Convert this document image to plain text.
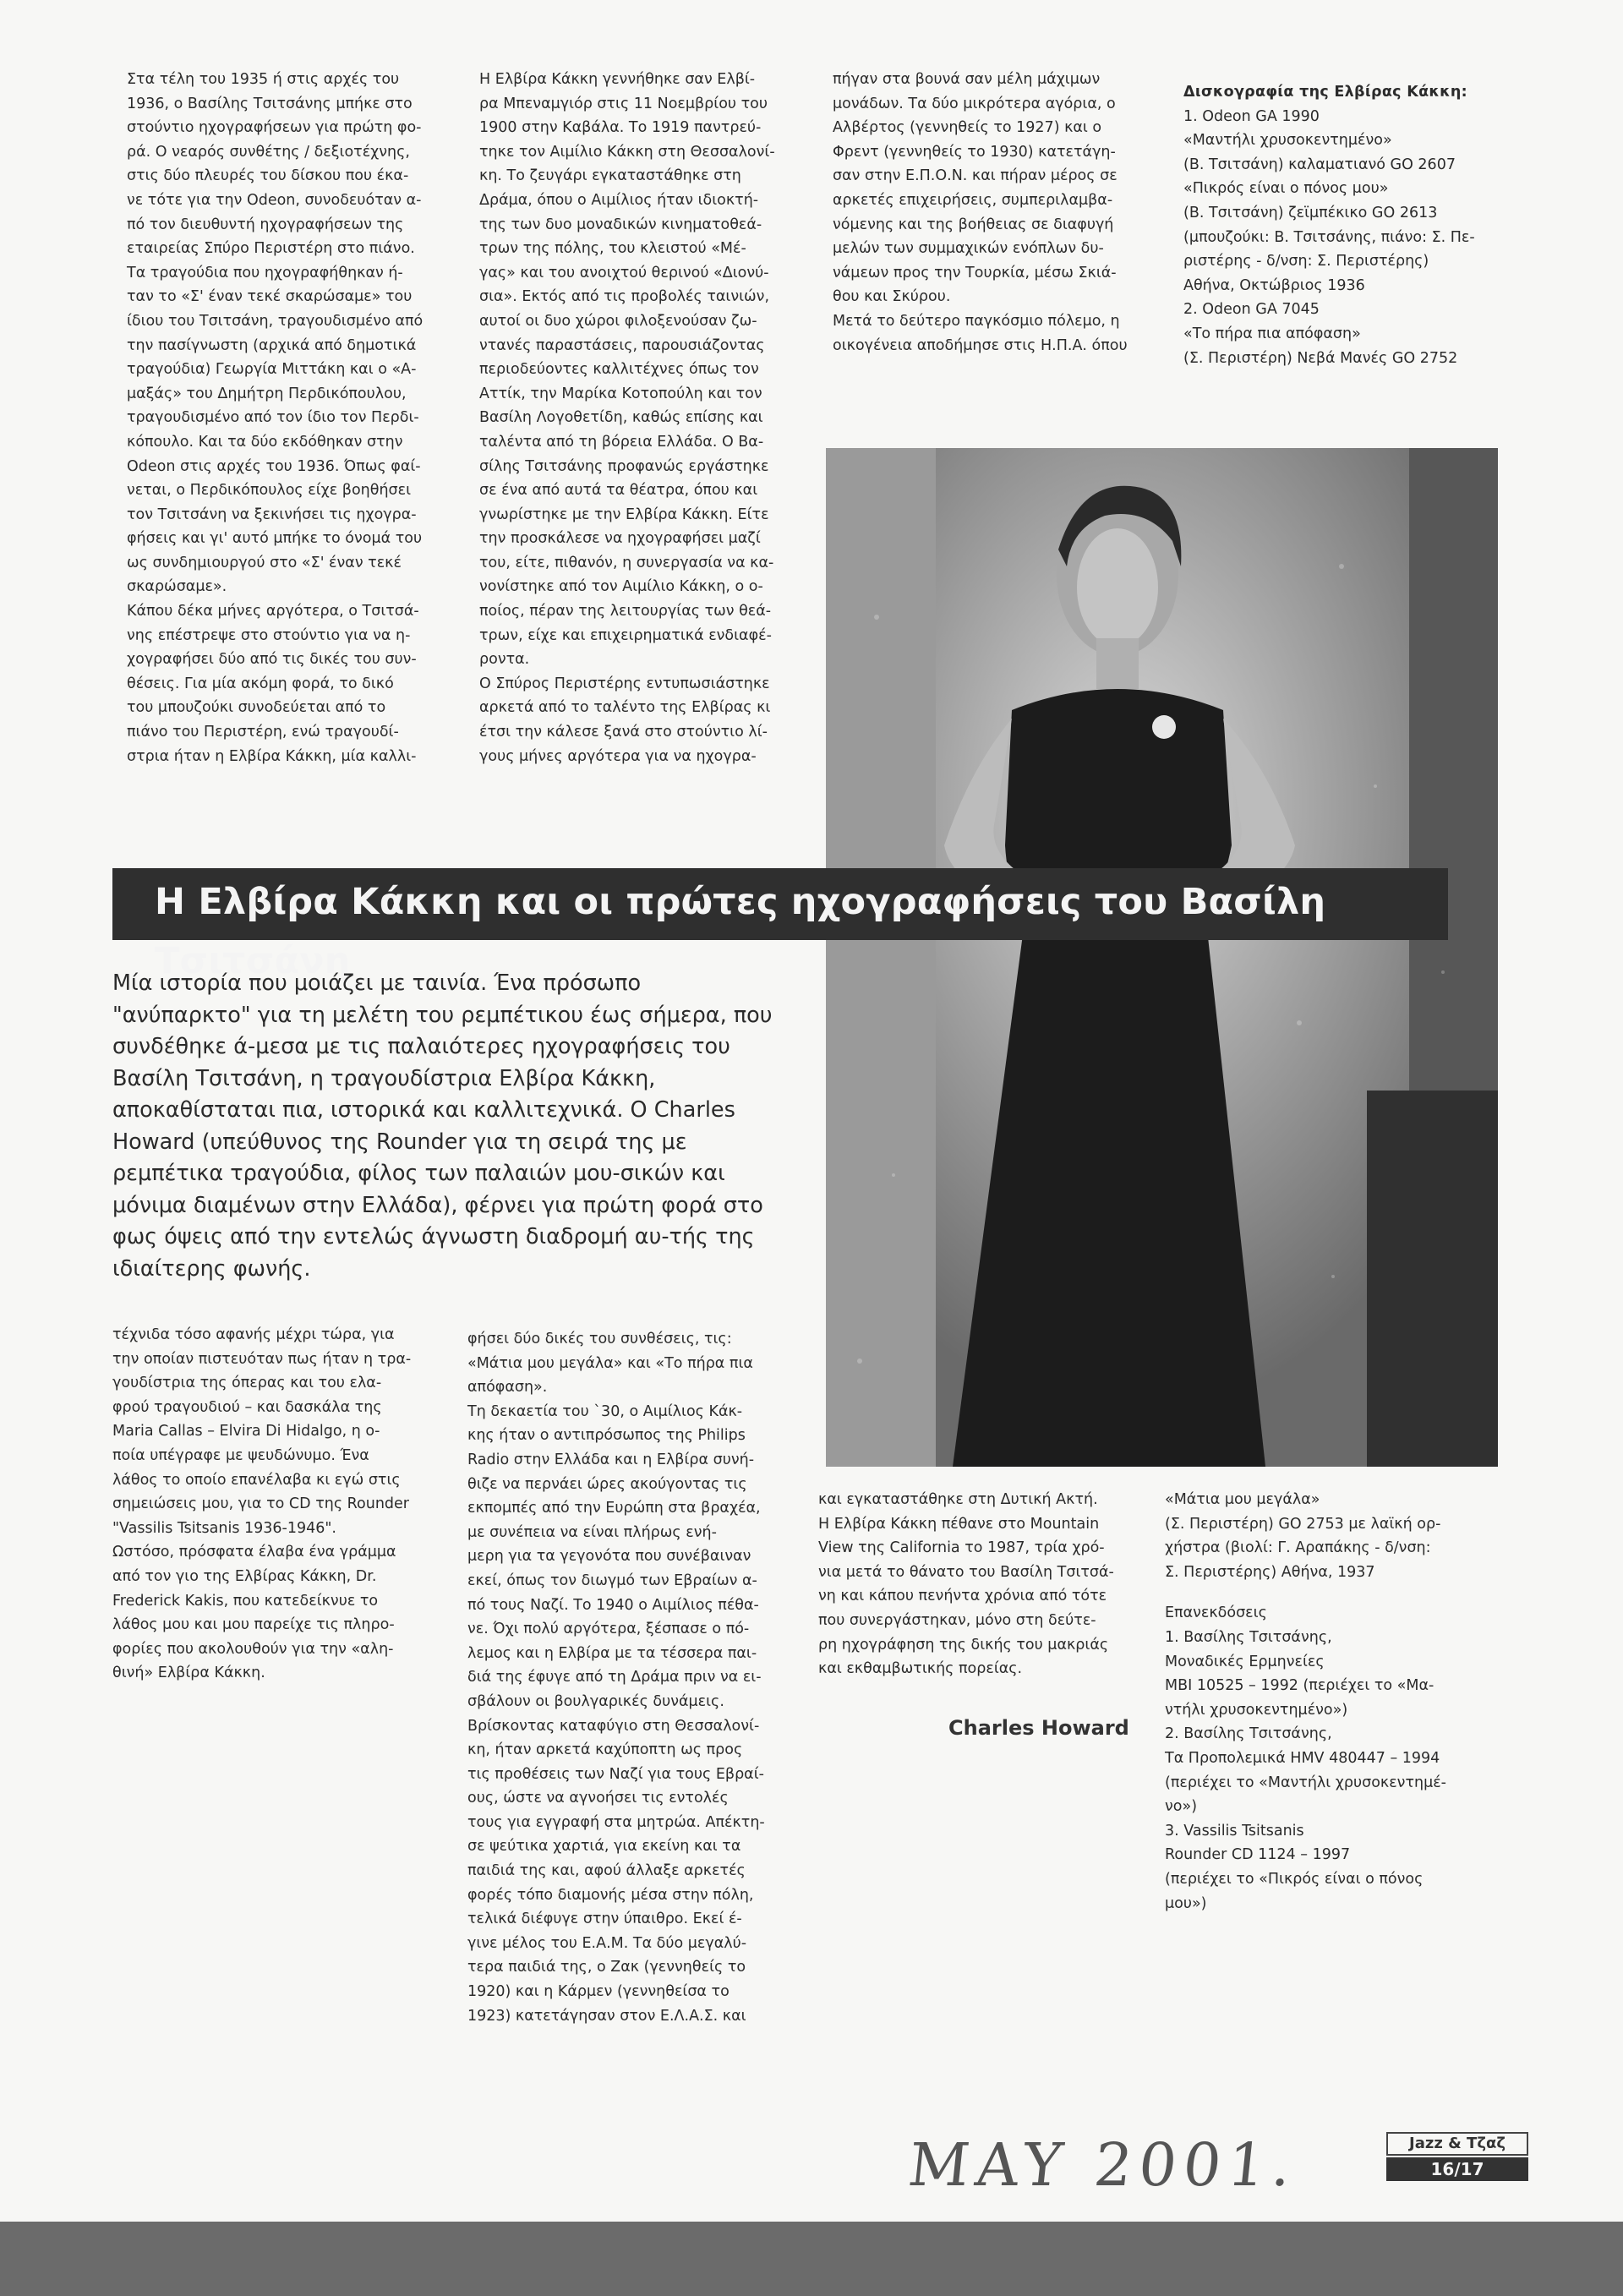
Στα τέλη του 1935 ή στις αρχές του
1936, ο Βασίλης Τσιτσάνης μπήκε στο
στούντιο ηχογραφήσεων για πρώτη φο-
ρά. Ο νεαρός συνθέτης / δεξιοτέχνης,
στις δύο πλευρές του δίσκου που έκα-
νε τότε για την Odeon, συνοδευόταν α-
πό τον διευθυντή ηχογραφήσεων της
εταιρείας Σπύρο Περιστέρη στο πιάνο.
Τα τραγούδια που ηχογραφήθηκαν ή-
ταν το «Σ' έναν τεκέ σκαρώσαμε» του
ίδιου του Τσιτσάνη, τραγουδισμένο από
την πασίγνωστη (αρχικά από δημοτικά
τραγούδια) Γεωργία Μιττάκη και ο «Α-
μαξάς» του Δημήτρη Περδικόπουλου,
τραγουδισμένο από τον ίδιο τον Περδι-
κόπουλο. Και τα δύο εκδόθηκαν στην
Odeon στις αρχές του 1936. Όπως φαί-
νεται, ο Περδικόπουλος είχε βοηθήσει
τον Τσιτσάνη να ξεκινήσει τις ηχογρα-
φήσεις και γι' αυτό μπήκε το όνομά του
ως συνδημιουργού στο «Σ' έναν τεκέ
σκαρώσαμε».
Κάπου δέκα μήνες αργότερα, ο Τσιτσά-
νης επέστρεψε στο στούντιο για να η-
χογραφήσει δύο από τις δικές του συν-
θέσεις. Για μία ακόμη φορά, το δικό
του μπουζούκι συνοδεύεται από το
πιάνο του Περιστέρη, ενώ τραγουδί-
στρια ήταν η Ελβίρα Κάκκη, μία καλλι-

Η Ελβίρα Κάκκη γεννήθηκε σαν Ελβί-
ρα Μπεναμγιόρ στις 11 Νοεμβρίου του
1900 στην Καβάλα. Το 1919 παντρεύ-
τηκε τον Αιμίλιο Κάκκη στη Θεσσαλονί-
κη. Το ζευγάρι εγκαταστάθηκε στη
Δράμα, όπου ο Αιμίλιος ήταν ιδιοκτή-
της των δυο μοναδικών κινηματοθεά-
τρων της πόλης, του κλειστού «Μέ-
γας» και του ανοιχτού θερινού «Διονύ-
σια». Εκτός από τις προβολές ταινιών,
αυτοί οι δυο χώροι φιλοξενούσαν ζω-
ντανές παραστάσεις, παρουσιάζοντας
περιοδεύοντες καλλιτέχνες όπως τον
Αττίκ, την Μαρίκα Κοτοπούλη και τον
Βασίλη Λογοθετίδη, καθώς επίσης και
ταλέντα από τη βόρεια Ελλάδα. Ο Βα-
σίλης Τσιτσάνης προφανώς εργάστηκε
σε ένα από αυτά τα θέατρα, όπου και
γνωρίστηκε με την Ελβίρα Κάκκη. Είτε
την προσκάλεσε να ηχογραφήσει μαζί
του, είτε, πιθανόν, η συνεργασία να κα-
νονίστηκε από τον Αιμίλιο Κάκκη, ο ο-
ποίος, πέραν της λειτουργίας των θεά-
τρων, είχε και επιχειρηματικά ενδιαφέ-
ροντα.
Ο Σπύρος Περιστέρης εντυπωσιάστηκε
αρκετά από το ταλέντο της Ελβίρας κι
έτσι την κάλεσε ξανά στο στούντιο λί-
γους μήνες αργότερα για να ηχογρα-

πήγαν στα βουνά σαν μέλη μάχιμων
μονάδων. Τα δύο μικρότερα αγόρια, ο
Αλβέρτος (γεννηθείς το 1927) και ο
Φρεντ (γεννηθείς το 1930) κατετάγη-
σαν στην Ε.Π.Ο.Ν. και πήραν μέρος σε
αρκετές επιχειρήσεις, συμπεριλαμβα-
νόμενης και της βοήθειας σε διαφυγή
μελών των συμμαχικών ενόπλων δυ-
νάμεων προς την Τουρκία, μέσω Σκιά-
θου και Σκύρου.
Μετά το δεύτερο παγκόσμιο πόλεμο, η
οικογένεια αποδήμησε στις Η.Π.Α. όπου

Δισκογραφία της Ελβίρας Κάκκη:

1. Odeon GA 1990
«Μαντήλι χρυσοκεντημένο»
(Β. Τσιτσάνη) καλαματιανό GO 2607
«Πικρός είναι ο πόνος μου»
(Β. Τσιτσάνη) ζεϊμπέκικο GO 2613
(μπουζούκι: Β. Τσιτσάνης, πιάνο: Σ. Πε-
ριστέρης - δ/νση: Σ. Περιστέρης)
Αθήνα, Οκτώβριος 1936
2. Odeon GA 7045
«Το πήρα πια απόφαση»
(Σ. Περιστέρη) Νεβά Μανές GO 2752

Η Ελβίρα Κάκκη και οι πρώτες ηχογραφήσεις του Βασίλη Τσιτσάνη
Μία ιστορία που μοιάζει με ταινία. Ένα πρόσωπο "ανύπαρκτο" για τη μελέτη του ρεμπέτικου έως σήμερα, που συνδέθηκε ά-μεσα με τις παλαιότερες ηχογραφήσεις του Βασίλη Τσιτσάνη, η τραγουδίστρια Ελβίρα Κάκκη, αποκαθίσταται πια, ιστορικά και καλλιτεχνικά. Ο Charles Howard (υπεύθυνος της Rounder για τη σειρά της με ρεμπέτικα τραγούδια, φίλος των παλαιών μου-σικών και μόνιμα διαμένων στην Ελλάδα), φέρνει για πρώτη φορά στο φως όψεις από την εντελώς άγνωστη διαδρομή αυ-τής της ιδιαίτερης φωνής.

τέχνιδα τόσο αφανής μέχρι τώρα, για
την οποίαν πιστευόταν πως ήταν η τρα-
γουδίστρια της όπερας και του ελα-
φρού τραγουδιού – και δασκάλα της
Maria Callas – Elvira Di Hidalgo, η ο-
ποία υπέγραφε με ψευδώνυμο. Ένα
λάθος το οποίο επανέλαβα κι εγώ στις
σημειώσεις μου, για το CD της Rounder
"Vassilis Tsitsanis 1936-1946".
Ωστόσο, πρόσφατα έλαβα ένα γράμμα
από τον γιο της Ελβίρας Κάκκη, Dr.
Frederick Kakis, που κατεδείκνυε το
λάθος μου και μου παρείχε τις πληρο-
φορίες που ακολουθούν για την «αλη-
θινή» Ελβίρα Κάκκη.

φήσει δύο δικές του συνθέσεις, τις:
«Μάτια μου μεγάλα» και «Το πήρα πια
απόφαση».
Τη δεκαετία του `30, ο Αιμίλιος Κάκ-
κης ήταν ο αντιπρόσωπος της Philips
Radio στην Ελλάδα και η Ελβίρα συνή-
θιζε να περνάει ώρες ακούγοντας τις
εκπομπές από την Ευρώπη στα βραχέα,
με συνέπεια να είναι πλήρως ενή-
μερη για τα γεγονότα που συνέβαιναν
εκεί, όπως τον διωγμό των Εβραίων α-
πό τους Ναζί. Το 1940 ο Αιμίλιος πέθα-
νε. Όχι πολύ αργότερα, ξέσπασε ο πό-
λεμος και η Ελβίρα με τα τέσσερα παι-
διά της έφυγε από τη Δράμα πριν να ει-
σβάλουν οι βουλγαρικές δυνάμεις.
Βρίσκοντας καταφύγιο στη Θεσσαλονί-
κη, ήταν αρκετά καχύποπτη ως προς
τις προθέσεις των Ναζί για τους Εβραί-
ους, ώστε να αγνοήσει τις εντολές
τους για εγγραφή στα μητρώα. Απέκτη-
σε ψεύτικα χαρτιά, για εκείνη και τα
παιδιά της και, αφού άλλαξε αρκετές
φορές τόπο διαμονής μέσα στην πόλη,
τελικά διέφυγε στην ύπαιθρο. Εκεί έ-
γινε μέλος του Ε.Α.Μ. Τα δύο μεγαλύ-
τερα παιδιά της, ο Ζακ (γεννηθείς το
1920) και η Κάρμεν (γεννηθείσα το
1923) κατετάγησαν στον Ε.Λ.Α.Σ. και

και εγκαταστάθηκε στη Δυτική Ακτή.
Η Ελβίρα Κάκκη πέθανε στο Mountain
View της California το 1987, τρία χρό-
νια μετά το θάνατο του Βασίλη Τσιτσά-
νη και κάπου πενήντα χρόνια από τότε
που συνεργάστηκαν, μόνο στη δεύτε-
ρη ηχογράφηση της δικής του μακριάς
και εκθαμβωτικής πορείας.

«Μάτια μου μεγάλα»
(Σ. Περιστέρη) GO 2753 με λαϊκή ορ-
χήστρα (βιολί: Γ. Αραπάκης - δ/νση:
Σ. Περιστέρης) Αθήνα, 1937

Επανεκδόσεις

1. Βασίλης Τσιτσάνης,
Μοναδικές Ερμηνείες
MBI 10525 – 1992 (περιέχει το «Μα-
ντήλι χρυσοκεντημένο»)
2. Βασίλης Τσιτσάνης,
Τα Προπολεμικά HMV 480447 – 1994
(περιέχει το «Μαντήλι χρυσοκεντημέ-
νο»)
3. Vassilis Tsitsanis
Rounder CD 1124 – 1997
(περιέχει το «Πικρός είναι ο πόνος
μου»)

Charles Howard
MAY 2001.	Jazz & Τζαζ
16/17
